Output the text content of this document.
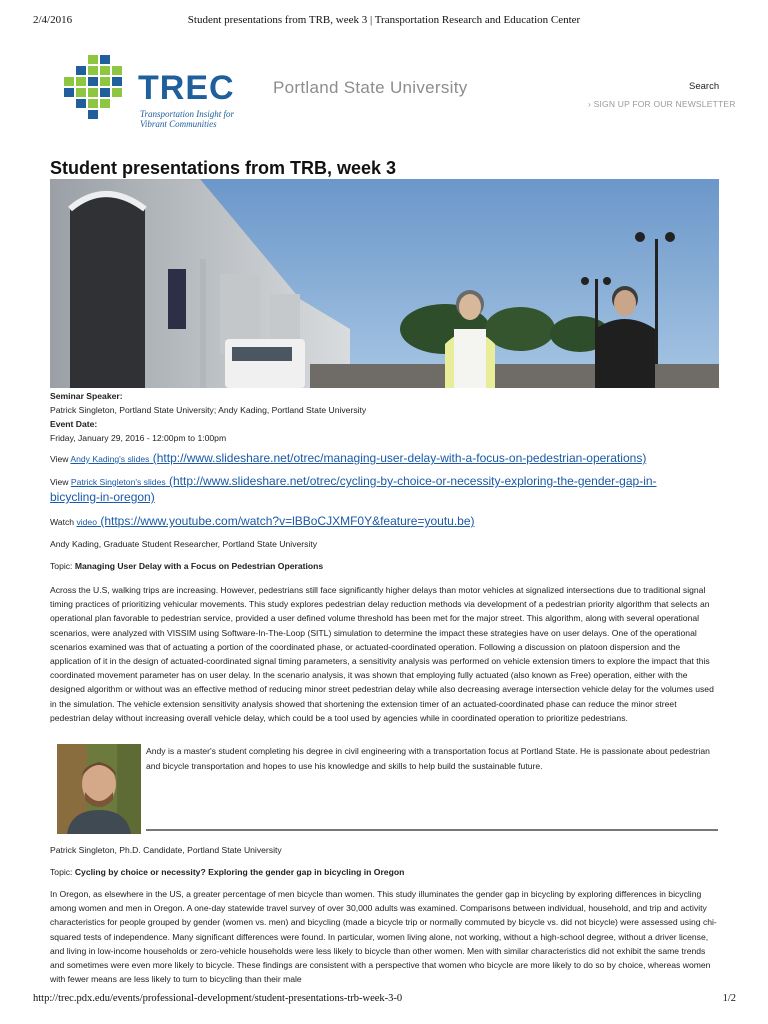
2/4/2016	Student presentations from TRB, week 3 | Transportation Research and Education Center
TREC
Transportation Insight for
Vibrant Communities
Portland State University	Search
› SIGN UP FOR OUR NEWSLETTER
Student presentations from TRB, week 3
Seminar Speaker:
Patrick Singleton, Portland State University; Andy Kading, Portland State University
Event Date:
Friday, January 29, 2016 - 12:00pm to 1:00pm
View Andy Kading's slides (http://www.slideshare.net/otrec/managing-user-delay-with-a-focus-on-pedestrian-operations)
View Patrick Singleton's slides (http://www.slideshare.net/otrec/cycling-by-choice-or-necessity-exploring-the-gender-gap-in-
bicycling-in-oregon)
Watch video (https://www.youtube.com/watch?v=lBBoCJXMF0Y&feature=youtu.be)
Andy Kading, Graduate Student Researcher, Portland State University
Topic: Managing User Delay with a Focus on Pedestrian Operations
Across the U.S, walking trips are increasing. However, pedestrians still face significantly higher delays than motor vehicles at signalized intersections due to traditional signal timing practices of prioritizing vehicular movements. This study explores pedestrian delay reduction methods via development of a pedestrian priority algorithm that selects an operational plan favorable to pedestrian service, provided a user defined volume threshold has been met for the major street. This algorithm, along with several operational scenarios, were analyzed with VISSIM using Software-In-The-Loop (SITL) simulation to determine the impact these strategies have on user delays. One of the operational scenarios examined was that of actuating a portion of the coordinated phase, or actuated-coordinated operation. Following a discussion on platoon dispersion and the application of it in the design of actuated-coordinated signal timing parameters, a sensitivity analysis was performed on vehicle extension timers to explore the impact that this coordinated movement parameter has on user delay. In the scenario analysis, it was shown that employing fully actuated (also known as Free) operation, either with the designed algorithm or without was an effective method of reducing minor street pedestrian delay while also decreasing average intersection vehicle delay for the volumes used in the simulation. The vehicle extension sensitivity analysis showed that shortening the extension timer of an actuated-coordinated phase can reduce the minor street pedestrian delay without increasing overall vehicle delay, which could be a tool used by agencies while in coordinated operation to prioritize pedestrians.
Andy is a master's student completing his degree in civil engineering with a transportation focus at Portland State. He is passionate about pedestrian and bicycle transportation and hopes to use his knowledge and skills to help build the sustainable future.
Patrick Singleton, Ph.D. Candidate, Portland State University
Topic: Cycling by choice or necessity? Exploring the gender gap in bicycling in Oregon
In Oregon, as elsewhere in the US, a greater percentage of men bicycle than women. This study illuminates the gender gap in bicycling by exploring differences in bicycling among women and men in Oregon. A one-day statewide travel survey of over 30,000 adults was examined. Comparisons between individual, household, and trip and activity characteristics for people grouped by gender (women vs. men) and bicycling (made a bicycle trip or normally commuted by bicycle vs. did not bicycle) were assessed using chi-squared tests of independence. Many significant differences were found. In particular, women living alone, not working, without a high-school degree, without a driver license, and living in low-income households or zero-vehicle households were less likely to bicycle than other women. Men with similar characteristics did not exhibit the same trends and sometimes were even more likely to bicycle. These findings are consistent with a perspective that women who bicycle are more likely to do so by choice, whereas women with fewer means are less likely to turn to bicycling than their male
http://trec.pdx.edu/events/professional-development/student-presentations-trb-week-3-0	1/2
